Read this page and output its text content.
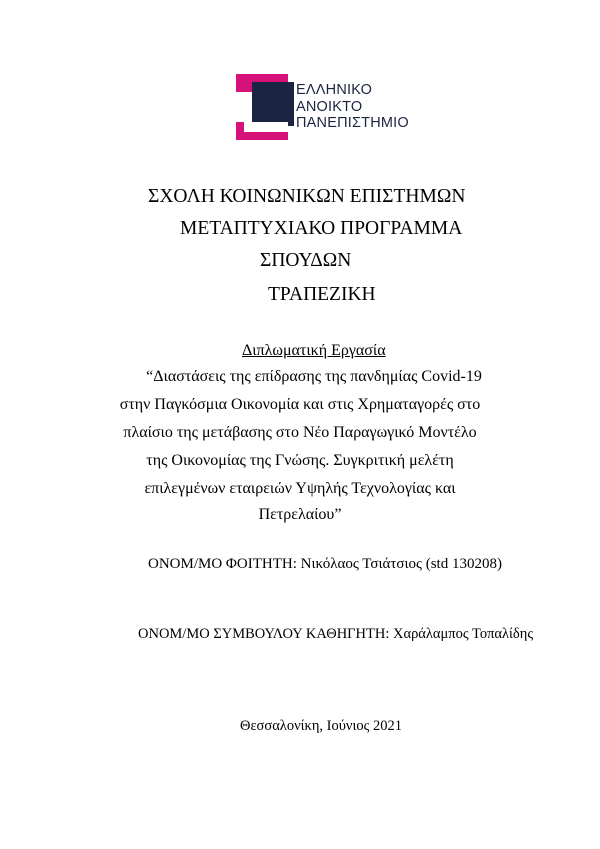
ΕΛΛΗΝΙΚΟ
ΑΝΟΙΚΤΟ
ΠΑΝΕΠΙΣΤΗΜΙΟ
ΣΧΟΛΗ ΚΟΙΝΩΝΙΚΩΝ ΕΠΙΣΤΗΜΩΝ
ΜΕΤΑΠΤΥΧΙΑΚΟ ΠΡΟΓΡΑΜΜΑ
ΣΠΟΥΔΩΝ
ΤΡΑΠΕΖΙΚΗ
Διπλωματική Εργασία
“Διαστάσεις της επίδρασης της πανδημίας Covid-19
στην Παγκόσμια Οικονομία και στις Χρηματαγορές στο
πλαίσιο της μετάβασης στο Νέο Παραγωγικό Μοντέλο
της Οικονομίας της Γνώσης. Συγκριτική μελέτη
επιλεγμένων εταιρειών Υψηλής Τεχνολογίας και
Πετρελαίου”
ΟΝΟΜ/ΜΟ ΦΟΙΤΗΤΗ: Νικόλαος Τσιάτσιος (std 130208)
ΟΝΟΜ/ΜΟ ΣΥΜΒΟΥΛΟΥ ΚΑΘΗΓΗΤΗ: Χαράλαμπος Τοπαλίδης
Θεσσαλονίκη, Ιούνιος 2021
